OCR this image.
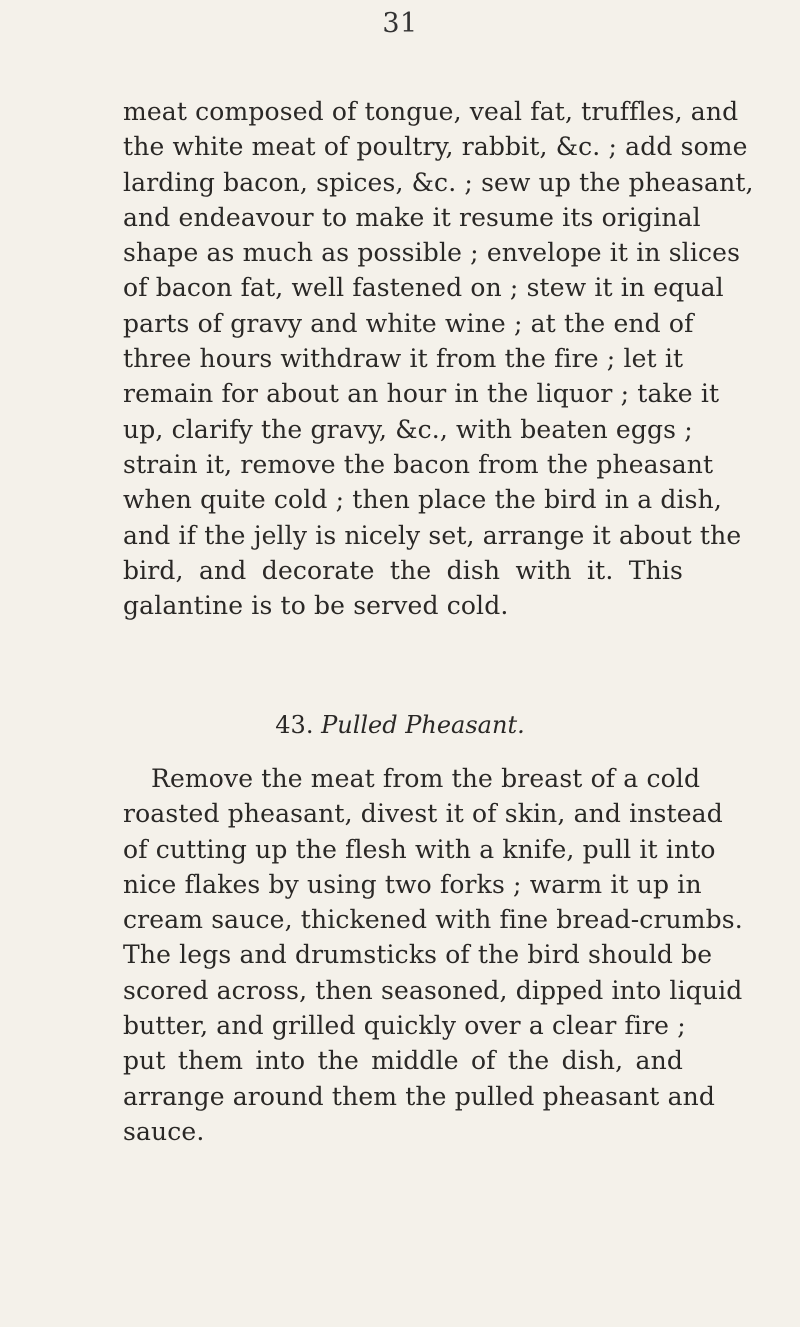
31
meat composed of tongue, veal fat, truffles, and
the white meat of poultry, rabbit, &c. ; add some
larding bacon, spices, &c. ; sew up the pheasant,
and endeavour to make it resume its original
shape as much as possible ; envelope it in slices
of bacon fat, well fastened on ; stew it in equal
parts of gravy and white wine ; at the end of
three hours withdraw it from the fire ; let it
remain for about an hour in the liquor ; take it
up, clarify the gravy, &c., with beaten eggs ;
strain it, remove the bacon from the pheasant
when quite cold ; then place the bird in a dish,
and if the jelly is nicely set, arrange it about the
bird, and decorate the dish with it. This
galantine is to be served cold.
43. Pulled Pheasant.
Remove the meat from the breast of a cold
roasted pheasant, divest it of skin, and instead
of cutting up the flesh with a knife, pull it into
nice flakes by using two forks ; warm it up in
cream sauce, thickened with fine bread-crumbs.
The legs and drumsticks of the bird should be
scored across, then seasoned, dipped into liquid
butter, and grilled quickly over a clear fire ;
put them into the middle of the dish, and
arrange around them the pulled pheasant and
sauce.
